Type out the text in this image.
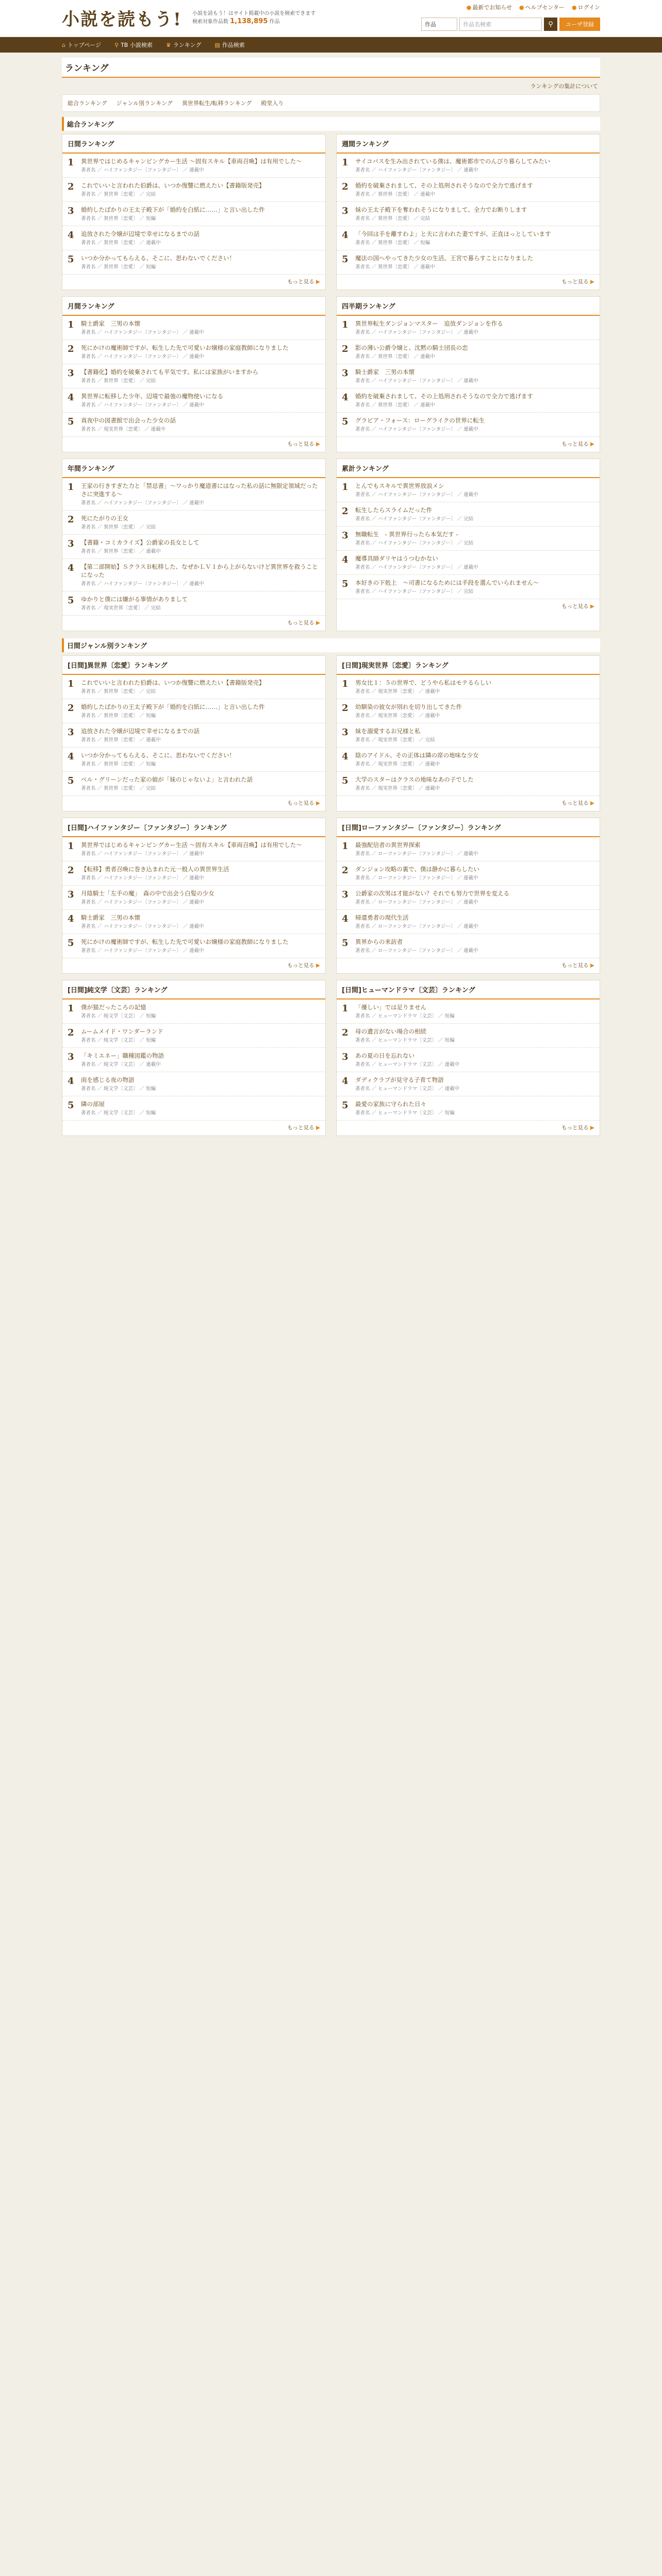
小説を読もう! 小説を読もう！はサイト掲載中の小説を検索できます
検索対象作品数 1,138,895 作品
● 最新でお知らせ ● ヘルプセンター ● ログイン
作品	作品名検索	⚲	ユーザ登録
⌂ トップページ ⚲ TB 小説検索 ♛ ランキング ▤ 作品検索
ランキング
ランキングの集計について
総合ランキング ジャンル別ランキング 異世界転生/転移ランキング 殿堂入り
総合ランキング
日間ランキング
1	異世界ではじめるキャンピングカー生活 ～固有スキル【車両召喚】は有用でした～
著者名 ／ ハイファンタジー〔ファンタジー〕 ／ 連載中
2	これでいいと言われた伯爵は、いつか復讐に燃えたい【書籍版発売】
著者名 ／ 異世界〔恋愛〕 ／ 完結
3	婚約したばかりの王太子殿下が「婚約を白紙に……」と言い出した件
著者名 ／ 異世界〔恋愛〕 ／ 短編
4	追放された令嬢が辺境で幸せになるまでの話
著者名 ／ 異世界〔恋愛〕 ／ 連載中
5	いつか分かってもらえる、そこに、思わないでください！
著者名 ／ 異世界〔恋愛〕 ／ 短編
もっと見る ▶
週間ランキング
1	サイコパスを生み出されている僕は、魔術都市でのんびり暮らしてみたい
著者名 ／ ハイファンタジー〔ファンタジー〕 ／ 連載中
2	婚約を破棄されまして、その上処刑されそうなので全力で逃げます
著者名 ／ 異世界〔恋愛〕 ／ 連載中
3	妹の王太子殿下を奪われそうになりまして、全力でお断りします
著者名 ／ 異世界〔恋愛〕 ／ 完結
4	「今回は手を離すわよ」と夫に言われた妻ですが、正直ほっとしています
著者名 ／ 異世界〔恋愛〕 ／ 短編
5	魔法の国へやってきた少女の生活。王宮で暮らすことになりました
著者名 ／ 異世界〔恋愛〕 ／ 連載中
もっと見る ▶
月間ランキング
1	騎士爵家　三男の本懐
著者名 ／ ハイファンタジー〔ファンタジー〕 ／ 連載中
2	死にかけの魔術師ですが、転生した先で可愛いお嬢様の家庭教師になりました
著者名 ／ ハイファンタジー〔ファンタジー〕 ／ 連載中
3	【書籍化】婚約を破棄されても平気です。私には家族がいますから
著者名 ／ 異世界〔恋愛〕 ／ 完結
4	異世界に転移した少年、辺境で最強の魔物使いになる
著者名 ／ ハイファンタジー〔ファンタジー〕 ／ 連載中
5	真夜中の図書館で出会った少女の話
著者名 ／ 現実世界〔恋愛〕 ／ 連載中
もっと見る ▶
四半期ランキング
1	異世界転生ダンジョンマスター　追放ダンジョンを作る
著者名 ／ ハイファンタジー〔ファンタジー〕 ／ 連載中
2	影の薄い公爵令嬢と、沈黙の騎士団長の恋
著者名 ／ 異世界〔恋愛〕 ／ 連載中
3	騎士爵家　三男の本懐
著者名 ／ ハイファンタジー〔ファンタジー〕 ／ 連載中
4	婚約を破棄されまして、その上処刑されそうなので全力で逃げます
著者名 ／ 異世界〔恋愛〕 ／ 連載中
5	グラビア・フォース：ローグライクの世界に転生
著者名 ／ ハイファンタジー〔ファンタジー〕 ／ 連載中
もっと見る ▶
年間ランキング
1	王家の行きすぎた力と「禁忌書」～ワっかり魔道書にはなった私の話に無限定領域だったさに突進する～
著者名 ／ ハイファンタジー〔ファンタジー〕 ／ 連載中
2	死にたがりの王女
著者名 ／ 異世界〔恋愛〕 ／ 完結
3	【書籍・コミカライズ】公爵家の長女として
著者名 ／ 異世界〔恋愛〕 ／ 連載中
4	【第二部開始】ＳクラスＢ転移した、なぜかＬＶ１から上がらないけど異世界を救うことになった
著者名 ／ ハイファンタジー〔ファンタジー〕 ／ 連載中
5	ゆかりと僕には嫌がる事情がありまして
著者名 ／ 現実世界〔恋愛〕 ／ 完結
もっと見る ▶
累計ランキング
1	とんでもスキルで異世界放浪メシ
著者名 ／ ハイファンタジー〔ファンタジー〕 ／ 連載中
2	転生したらスライムだった件
著者名 ／ ハイファンタジー〔ファンタジー〕 ／ 完結
3	無職転生　- 異世界行ったら本気だす -
著者名 ／ ハイファンタジー〔ファンタジー〕 ／ 完結
4	魔導具師ダリヤはうつむかない
著者名 ／ ハイファンタジー〔ファンタジー〕 ／ 連載中
5	本好きの下剋上　～司書になるためには手段を選んでいられません～
著者名 ／ ハイファンタジー〔ファンタジー〕 ／ 完結
もっと見る ▶
日間ジャンル別ランキング
[日間]異世界〔恋愛〕ランキング
1	これでいいと言われた伯爵は、いつか復讐に燃えたい【書籍版発売】
著者名 ／ 異世界〔恋愛〕 ／ 完結
2	婚約したばかりの王太子殿下が「婚約を白紙に……」と言い出した件
著者名 ／ 異世界〔恋愛〕 ／ 短編
3	追放された令嬢が辺境で幸せになるまでの話
著者名 ／ 異世界〔恋愛〕 ／ 連載中
4	いつか分かってもらえる、そこに、思わないでください！
著者名 ／ 異世界〔恋愛〕 ／ 短編
5	ベル・グリーンだった家の娘が「妹のじゃないよ」と言われた話
著者名 ／ 異世界〔恋愛〕 ／ 完結
もっと見る ▶
[日間]現実世界〔恋愛〕ランキング
1	男女比１：５の世界で、どうやら私はモテるらしい
著者名 ／ 現実世界〔恋愛〕 ／ 連載中
2	幼馴染の彼女が別れを切り出してきた件
著者名 ／ 現実世界〔恋愛〕 ／ 連載中
3	妹を溺愛するお兄様と私
著者名 ／ 現実世界〔恋愛〕 ／ 完結
4	陰のアイドル、その正体は隣の席の地味な少女
著者名 ／ 現実世界〔恋愛〕 ／ 連載中
5	大学のスターはクラスの地味なあの子でした
著者名 ／ 現実世界〔恋愛〕 ／ 連載中
もっと見る ▶
[日間]ハイファンタジー〔ファンタジー〕ランキング
1	異世界ではじめるキャンピングカー生活 ～固有スキル【車両召喚】は有用でした～
著者名 ／ ハイファンタジー〔ファンタジー〕 ／ 連載中
2	【転移】勇者召喚に巻き込まれた元一般人の異世界生活
著者名 ／ ハイファンタジー〔ファンタジー〕 ／ 連載中
3	月陰騎士「左手の魔」　森の中で出会う白髪の少女
著者名 ／ ハイファンタジー〔ファンタジー〕 ／ 連載中
4	騎士爵家　三男の本懐
著者名 ／ ハイファンタジー〔ファンタジー〕 ／ 連載中
5	死にかけの魔術師ですが、転生した先で可愛いお嬢様の家庭教師になりました
著者名 ／ ハイファンタジー〔ファンタジー〕 ／ 連載中
もっと見る ▶
[日間]ローファンタジー〔ファンタジー〕ランキング
1	最強配信者の異世界探索
著者名 ／ ローファンタジー〔ファンタジー〕 ／ 連載中
2	ダンジョン攻略の裏で、僕は静かに暮らしたい
著者名 ／ ローファンタジー〔ファンタジー〕 ／ 連載中
3	公爵家の次男は才能がない？それでも努力で世界を変える
著者名 ／ ローファンタジー〔ファンタジー〕 ／ 連載中
4	帰還勇者の現代生活
著者名 ／ ローファンタジー〔ファンタジー〕 ／ 連載中
5	異界からの来訪者
著者名 ／ ローファンタジー〔ファンタジー〕 ／ 連載中
もっと見る ▶
[日間]純文学〔文芸〕ランキング
1	僕が猫だったころの記憶
著者名 ／ 純文学〔文芸〕 ／ 短編
2	ムームメイド・ワンダーランド
著者名 ／ 純文学〔文芸〕 ／ 短編
3	「キミエネー」職種図鑑の物語
著者名 ／ 純文学〔文芸〕 ／ 連載中
4	雨を感じる夜の物語
著者名 ／ 純文学〔文芸〕 ／ 短編
5	隣の部屋
著者名 ／ 純文学〔文芸〕 ／ 短編
もっと見る ▶
[日間]ヒューマンドラマ〔文芸〕ランキング
1	「優しい」では足りません
著者名 ／ ヒューマンドラマ〔文芸〕 ／ 短編
2	母の遺言がない場合の相続
著者名 ／ ヒューマンドラマ〔文芸〕 ／ 短編
3	あの夏の日を忘れない
著者名 ／ ヒューマンドラマ〔文芸〕 ／ 連載中
4	ダディクラブが見守る子育て物語
著者名 ／ ヒューマンドラマ〔文芸〕 ／ 連載中
5	最愛の家族に守られた日々
著者名 ／ ヒューマンドラマ〔文芸〕 ／ 短編
もっと見る ▶
